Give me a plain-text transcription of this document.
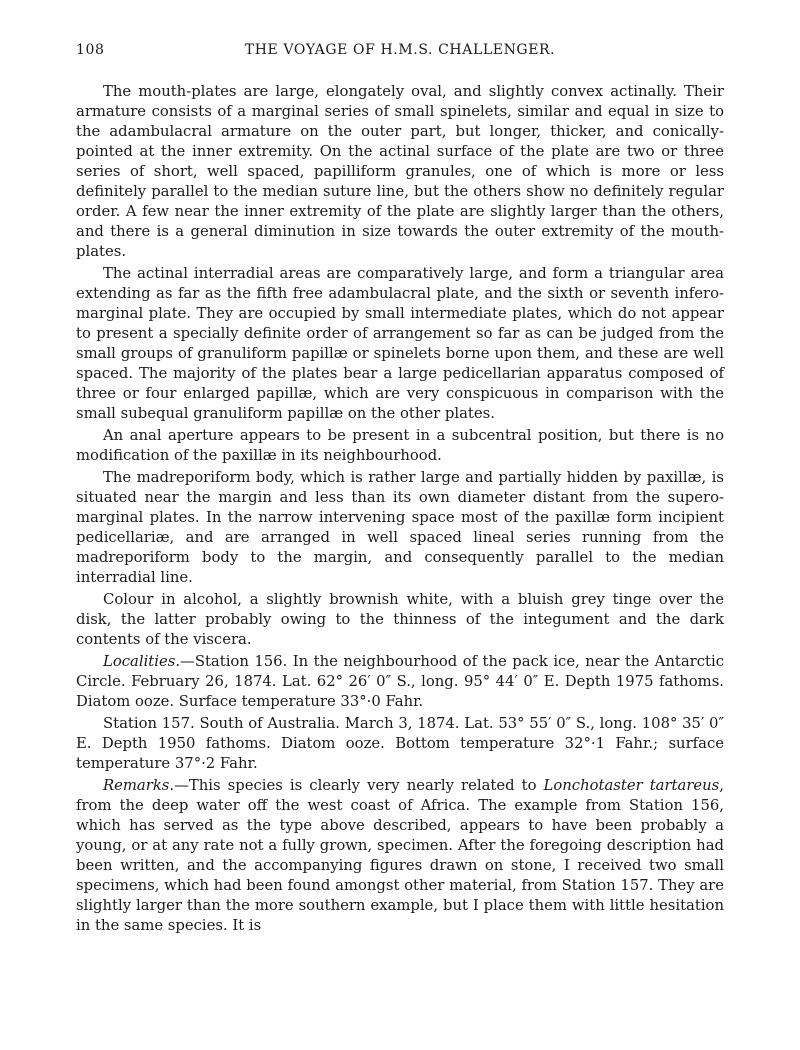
108	THE VOYAGE OF H.M.S. CHALLENGER.

The mouth-plates are large, elongately oval, and slightly convex actinally. Their armature consists of a marginal series of small spinelets, similar and equal in size to the adambulacral armature on the outer part, but longer, thicker, and conically-pointed at the inner extremity. On the actinal surface of the plate are two or three series of short, well spaced, papilliform granules, one of which is more or less definitely parallel to the median suture line, but the others show no definitely regular order. A few near the inner extremity of the plate are slightly larger than the others, and there is a general diminution in size towards the outer extremity of the mouth-plates.

The actinal interradial areas are comparatively large, and form a triangular area extending as far as the fifth free adambulacral plate, and the sixth or seventh infero-marginal plate. They are occupied by small intermediate plates, which do not appear to present a specially definite order of arrangement so far as can be judged from the small groups of granuliform papillæ or spinelets borne upon them, and these are well spaced. The majority of the plates bear a large pedicellarian apparatus composed of three or four enlarged papillæ, which are very conspicuous in comparison with the small subequal granuliform papillæ on the other plates.

An anal aperture appears to be present in a subcentral position, but there is no modification of the paxillæ in its neighbourhood.

The madreporiform body, which is rather large and partially hidden by paxillæ, is situated near the margin and less than its own diameter distant from the supero-marginal plates. In the narrow intervening space most of the paxillæ form incipient pedicellariæ, and are arranged in well spaced lineal series running from the madreporiform body to the margin, and consequently parallel to the median interradial line.

Colour in alcohol, a slightly brownish white, with a bluish grey tinge over the disk, the latter probably owing to the thinness of the integument and the dark contents of the viscera.

Localities.—Station 156. In the neighbourhood of the pack ice, near the Antarctic Circle. February 26, 1874. Lat. 62° 26′ 0″ S., long. 95° 44′ 0″ E. Depth 1975 fathoms. Diatom ooze. Surface temperature 33°·0 Fahr.

Station 157. South of Australia. March 3, 1874. Lat. 53° 55′ 0″ S., long. 108° 35′ 0″ E. Depth 1950 fathoms. Diatom ooze. Bottom temperature 32°·1 Fahr.; surface temperature 37°·2 Fahr.

Remarks.—This species is clearly very nearly related to Lonchotaster tartareus, from the deep water off the west coast of Africa. The example from Station 156, which has served as the type above described, appears to have been probably a young, or at any rate not a fully grown, specimen. After the foregoing description had been written, and the accompanying figures drawn on stone, I received two small specimens, which had been found amongst other material, from Station 157. They are slightly larger than the more southern example, but I place them with little hesitation in the same species. It is
